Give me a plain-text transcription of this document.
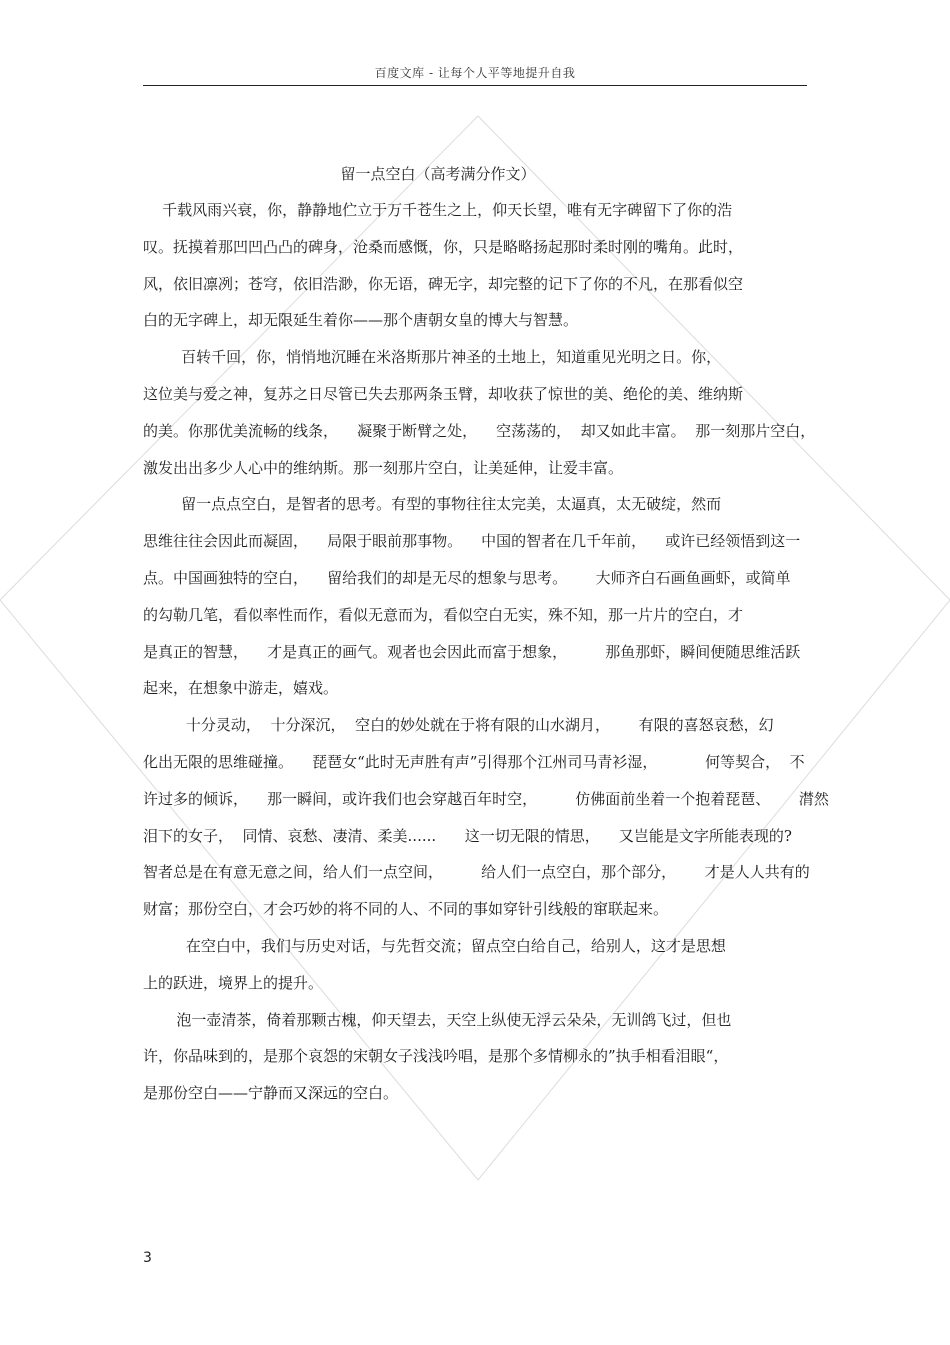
百度文库 - 让每个人平等地提升自我
留一点空白（高考满分作文）
千载风雨兴衰，你，静静地伫立于万千苍生之上，仰天长望，唯有无字碑留下了你的浩
叹。抚摸着那凹凹凸凸的碑身，沧桑而感慨，你，只是略略扬起那时柔时刚的嘴角。此时，
风，依旧凛冽；苍穹，依旧浩渺，你无语，碑无字，却完整的记下了你的不凡，在那看似空
白的无字碑上，却无限延生着你——那个唐朝女皇的博大与智慧。
百转千回，你，悄悄地沉睡在米洛斯那片神圣的土地上，知道重见光明之日。你，
这位美与爱之神，复苏之日尽管已失去那两条玉臂，却收获了惊世的美、绝伦的美、维纳斯
的美。你那优美流畅的线条，    凝聚于断臂之处，    空荡荡的，  却又如此丰富。  那一刻那片空白，
激发出出多少人心中的维纳斯。那一刻那片空白，让美延伸，让爱丰富。
留一点点空白，是智者的思考。有型的事物往往太完美，太逼真，太无破绽，然而
思维往往会因此而凝固，    局限于眼前那事物。    中国的智者在几千年前，    或许已经领悟到这一
点。中国画独特的空白，    留给我们的却是无尽的想象与思考。      大师齐白石画鱼画虾，或简单
的勾勒几笔，看似率性而作，看似无意而为，看似空白无实，殊不知，那一片片的空白，才
是真正的智慧，    才是真正的画气。观者也会因此而富于想象，        那鱼那虾，瞬间便随思维活跃
起来，在想象中游走，嬉戏。
十分灵动，  十分深沉，  空白的妙处就在于将有限的山水湖月，      有限的喜怒哀愁，幻
化出无限的思维碰撞。    琵琶女“此时无声胜有声”引得那个江州司马青衫湿，          何等契合，  不
许过多的倾诉，    那一瞬间，或许我们也会穿越百年时空，        仿佛面前坐着一个抱着琵琶、      潸然
泪下的女子，  同情、哀愁、凄清、柔美......      这一切无限的情思，    又岂能是文字所能表现的?
智者总是在有意无意之间，给人们一点空间，        给人们一点空白，那个部分，      才是人人共有的
财富；那份空白，才会巧妙的将不同的人、不同的事如穿针引线般的窜联起来。
在空白中，我们与历史对话，与先哲交流；留点空白给自己，给别人，这才是思想
上的跃进，境界上的提升。
泡一壶清茶，倚着那颗古槐，仰天望去，天空上纵使无浮云朵朵，无训鸽飞过，但也
许，你品味到的，是那个哀怨的宋朝女子浅浅吟唱，是那个多情柳永的”执手相看泪眼“，
是那份空白——宁静而又深远的空白。
3
